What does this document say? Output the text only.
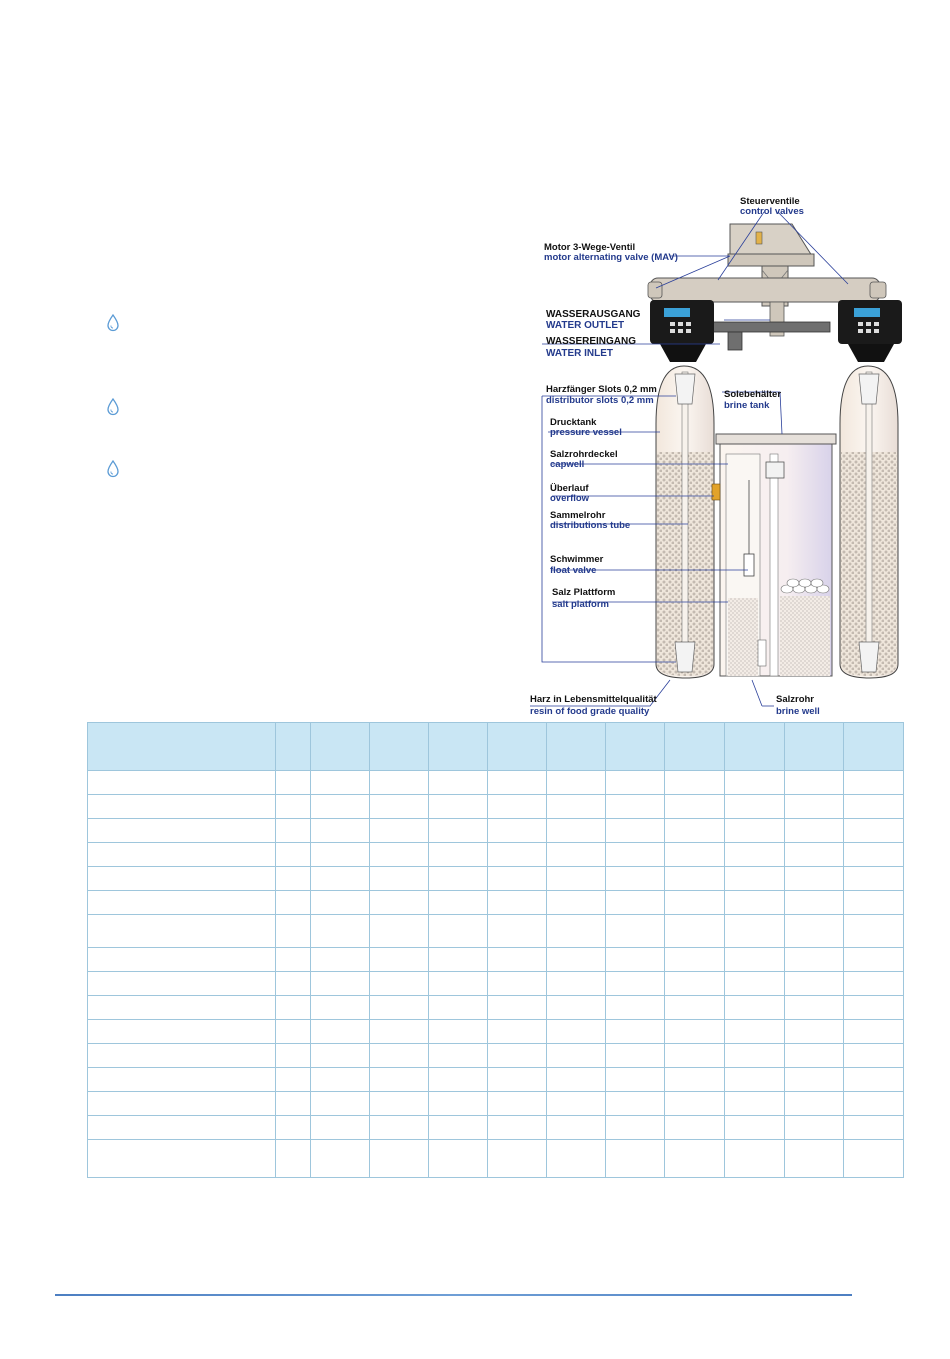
Steuerventile
control valves
Motor 3-Wege-Ventil
motor alternating valve (MAV)
WASSERAUSGANG
WATER OUTLET
WASSEREINGANG
WATER INLET
Harzfänger Slots 0,2 mm
distributor slots 0,2 mm
Solebehälter
brine tank
Drucktank
pressure vessel
Salzrohrdeckel
capwell
Überlauf
overflow
Sammelrohr
distributions tube
Schwimmer
float valve
Salz Plattform
salt platform
Harz in Lebensmittelqualität
resin of food grade quality
Salzrohr
brine well
